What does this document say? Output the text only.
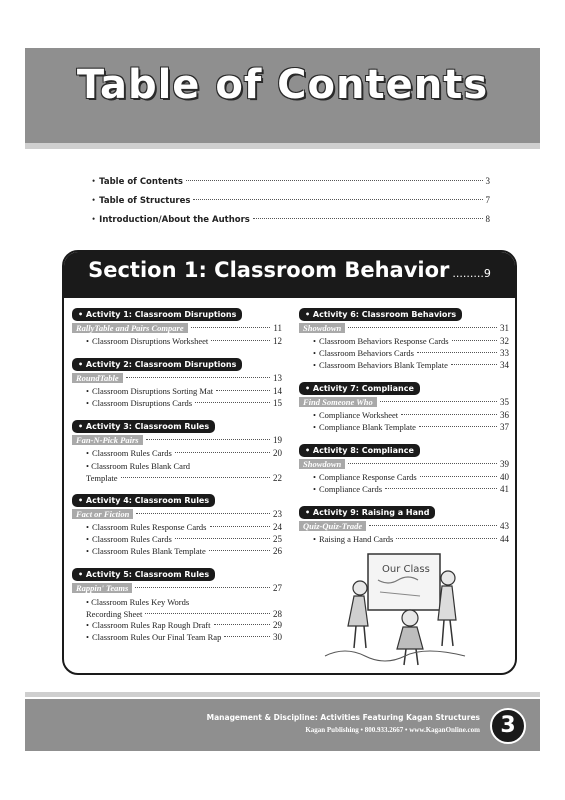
Table of Contents
• Table of Contents	3
• Table of Structures	7
• Introduction/About the Authors	8
Section 1: Classroom Behavior .........9
• Activity 1: Classroom Disruptions
RallyTable and Pairs Compare	11
• Classroom Disruptions Worksheet	12
• Activity 2: Classroom Disruptions
RoundTable	13
• Classroom Disruptions Sorting Mat	14
• Classroom Disruptions Cards	15
• Activity 3: Classroom Rules
Fan-N-Pick Pairs	19
• Classroom Rules Cards	20
• Classroom Rules Blank Card
Template	22
• Activity 4: Classroom Rules
Fact or Fiction	23
• Classroom Rules Response Cards	24
• Classroom Rules Cards	25
• Classroom Rules Blank Template	26
• Activity 5: Classroom Rules
Rappin' Teams	27
• Classroom Rules Key Words
Recording Sheet	28
• Classroom Rules Rap Rough Draft	29
• Classroom Rules Our Final Team Rap	30
• Activity 6: Classroom Behaviors
Showdown	31
• Classroom Behaviors Response Cards	32
• Classroom Behaviors Cards	33
• Classroom Behaviors Blank Template	34
• Activity 7: Compliance
Find Someone Who	35
• Compliance Worksheet	36
• Compliance Blank Template	37
• Activity 8: Compliance
Showdown	39
• Compliance Response Cards	40
• Compliance Cards	41
• Activity 9: Raising a Hand
Quiz-Quiz-Trade	43
• Raising a Hand Cards	44
Our Class
Management & Discipline: Activities Featuring Kagan Structures
Kagan Publishing • 800.933.2667 • www.KaganOnline.com 3
